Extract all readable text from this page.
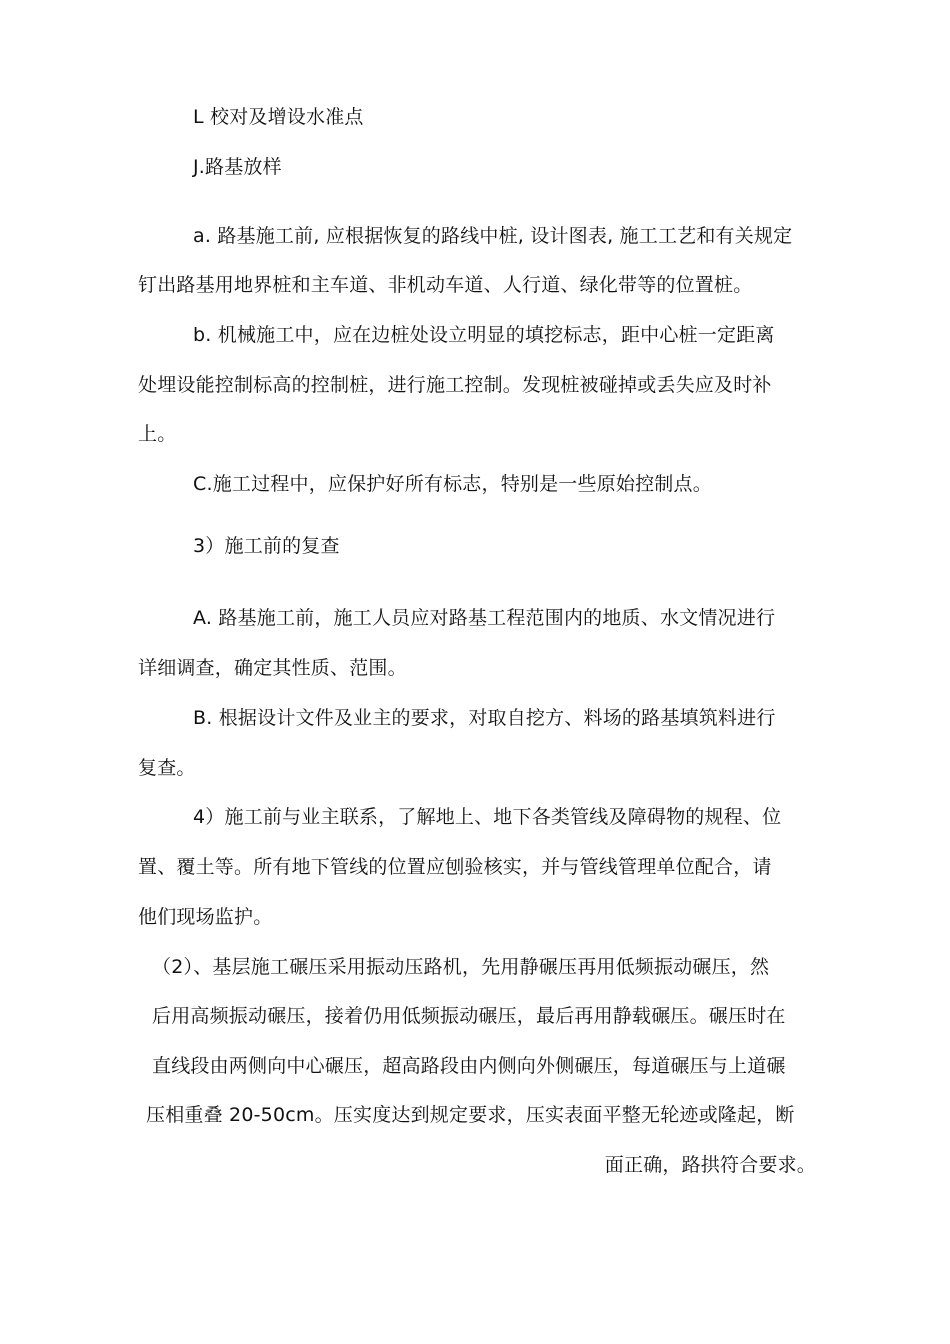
L 校对及增设水准点
J.路基放样
a. 路基施工前, 应根据恢复的路线中桩, 设计图表, 施工工艺和有关规定
钉出路基用地界桩和主车道、非机动车道、人行道、绿化带等的位置桩。
b. 机械施工中，应在边桩处设立明显的填挖标志，距中心桩一定距离
处埋设能控制标高的控制桩，进行施工控制。发现桩被碰掉或丢失应及时补
上。
C.施工过程中，应保护好所有标志，特别是一些原始控制点。
3）施工前的复查
A. 路基施工前，施工人员应对路基工程范围内的地质、水文情况进行
详细调查，确定其性质、范围。
B. 根据设计文件及业主的要求，对取自挖方、料场的路基填筑料进行
复查。
4）施工前与业主联系，了解地上、地下各类管线及障碍物的规程、位
置、覆土等。所有地下管线的位置应刨验核实，并与管线管理单位配合，请
他们现场监护。
（2）、基层施工碾压采用振动压路机，先用静碾压再用低频振动碾压，然
后用高频振动碾压，接着仍用低频振动碾压，最后再用静载碾压。碾压时在
直线段由两侧向中心碾压，超高路段由内侧向外侧碾压，每道碾压与上道碾
压相重叠 20-50cm。压实度达到规定要求，压实表面平整无轮迹或隆起，断
面正确，路拱符合要求。
